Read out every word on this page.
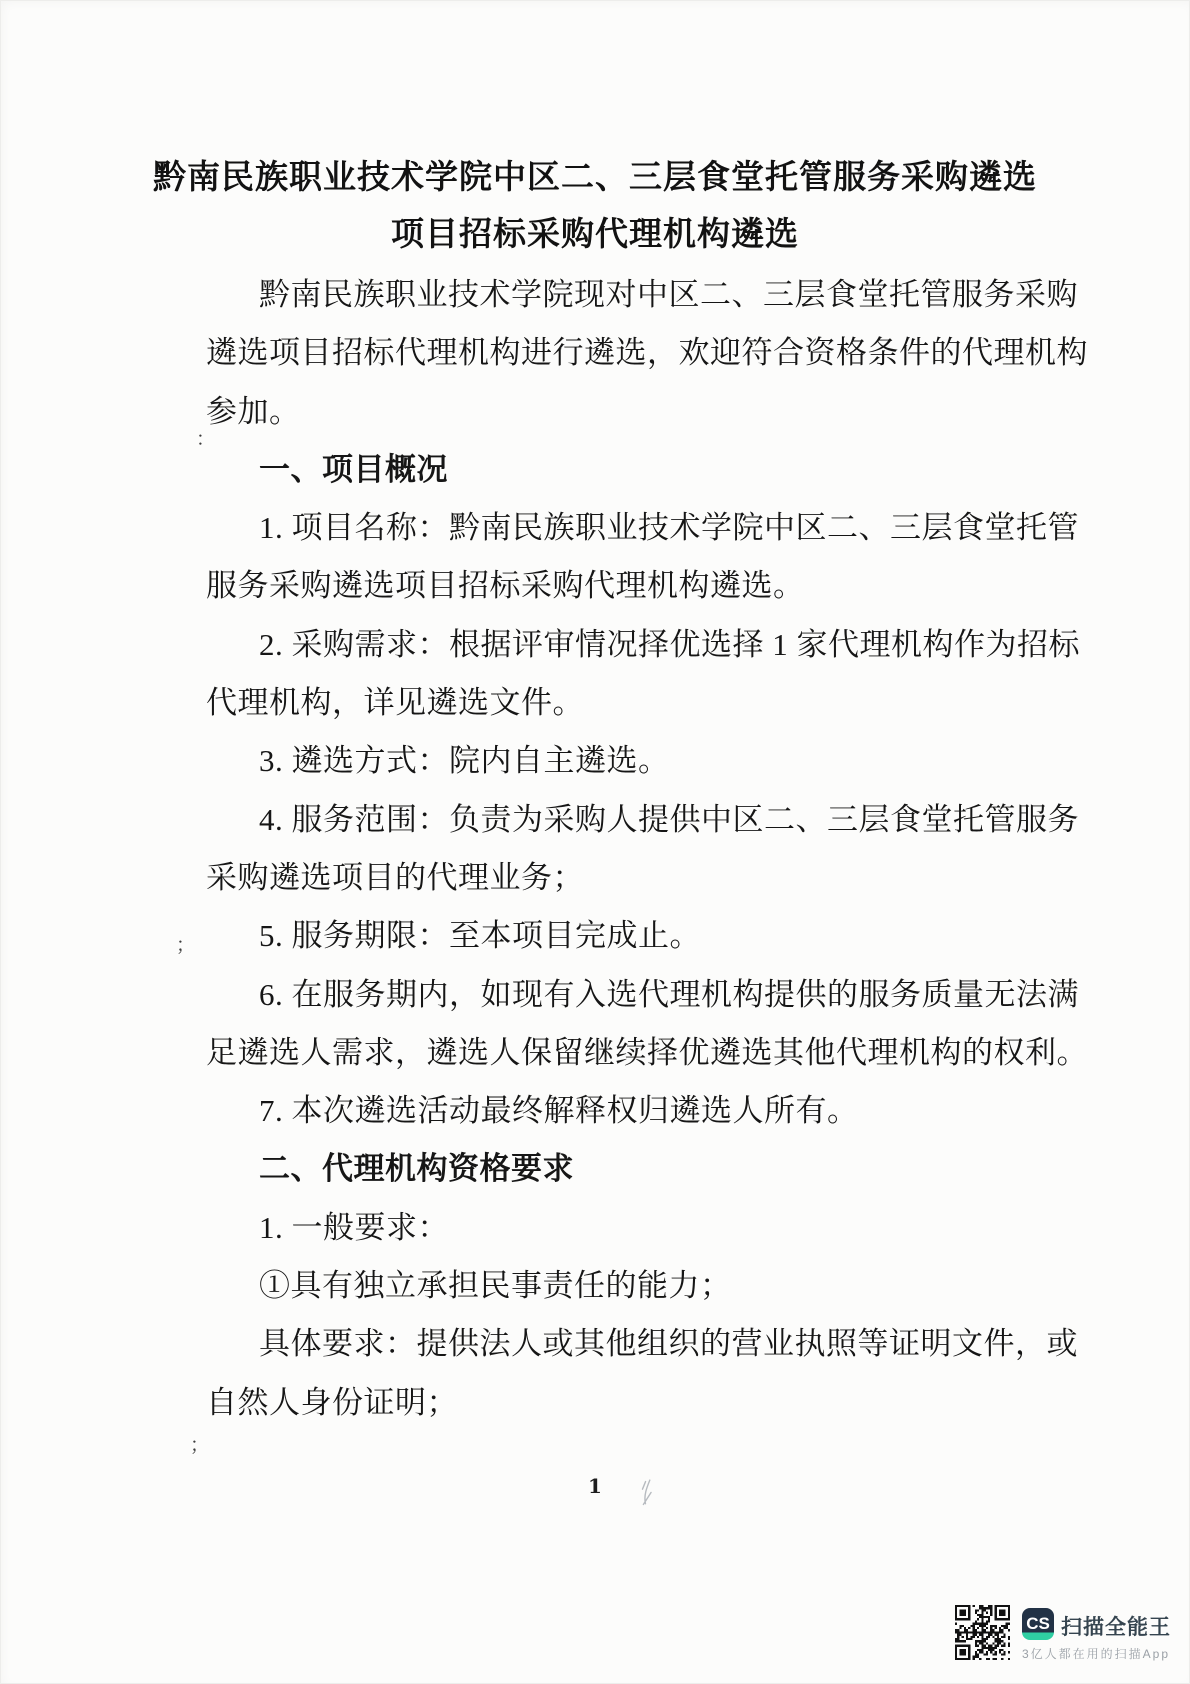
黔南民族职业技术学院中区二、三层食堂托管服务采购遴选
项目招标采购代理机构遴选
黔南民族职业技术学院现对中区二、三层食堂托管服务采购
遴选项目招标代理机构进行遴选，欢迎符合资格条件的代理机构
参加。
一、项目概况
1. 项目名称：黔南民族职业技术学院中区二、三层食堂托管
服务采购遴选项目招标采购代理机构遴选。
2. 采购需求：根据评审情况择优选择 1 家代理机构作为招标
代理机构，详见遴选文件。
3. 遴选方式：院内自主遴选。
4. 服务范围：负责为采购人提供中区二、三层食堂托管服务
采购遴选项目的代理业务；
5. 服务期限：至本项目完成止。
6. 在服务期内，如现有入选代理机构提供的服务质量无法满
足遴选人需求，遴选人保留继续择优遴选其他代理机构的权利。
7. 本次遴选活动最终解释权归遴选人所有。
二、代理机构资格要求
1. 一般要求：
①具有独立承担民事责任的能力；
具体要求：提供法人或其他组织的营业执照等证明文件，或
自然人身份证明；
1
CS 扫描全能王
3亿人都在用的扫描App
：
；
；
